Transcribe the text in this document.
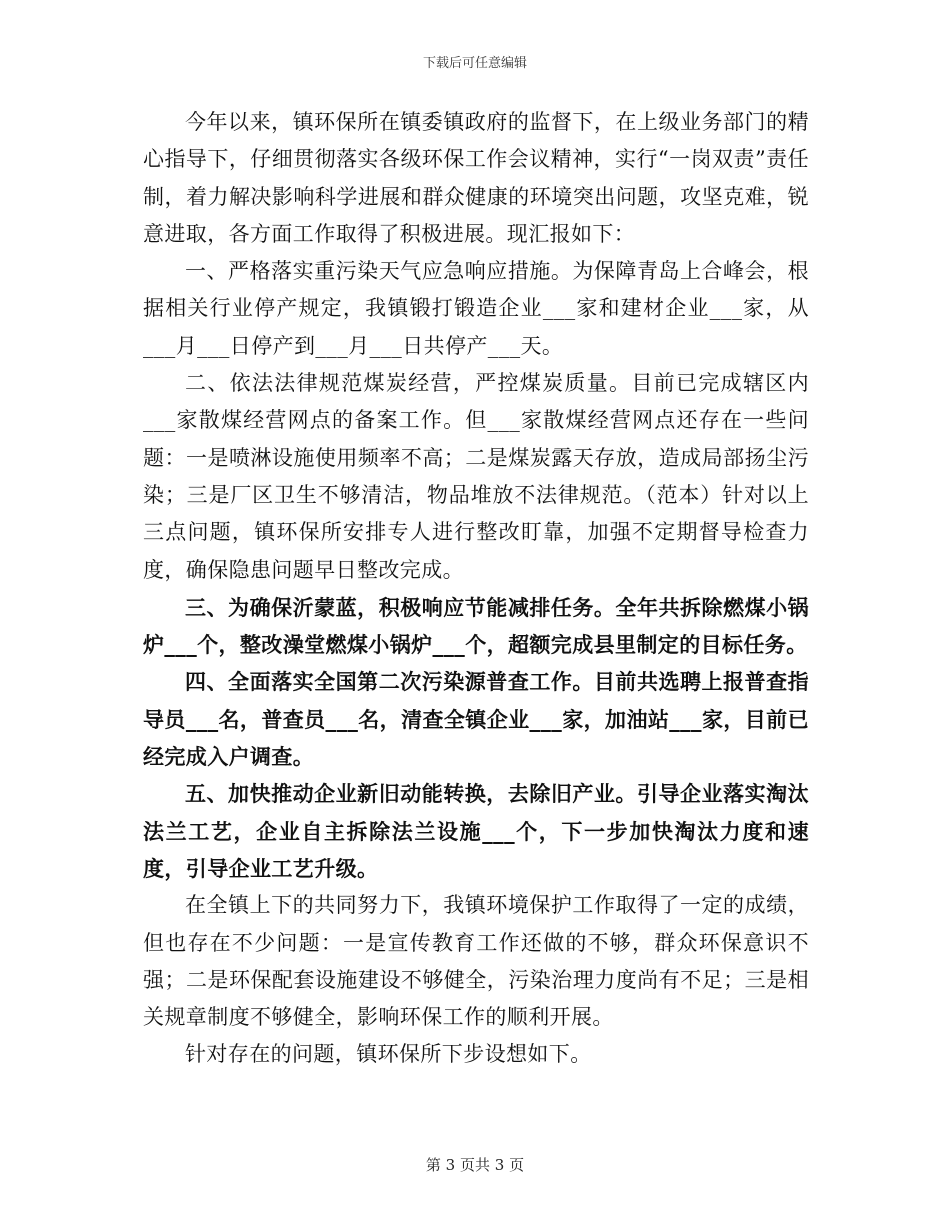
下载后可任意编辑

今年以来，镇环保所在镇委镇政府的监督下，在上级业务部门的精心指导下，仔细贯彻落实各级环保工作会议精神，实行“一岗双责”责任制，着力解决影响科学进展和群众健康的环境突出问题，攻坚克难，锐意进取，各方面工作取得了积极进展。现汇报如下：

一、严格落实重污染天气应急响应措施。为保障青岛上合峰会，根据相关行业停产规定，我镇锻打锻造企业___家和建材企业___家，从___月___日停产到___月___日共停产___天。

二、依法法律规范煤炭经营，严控煤炭质量。目前已完成辖区内___家散煤经营网点的备案工作。但___家散煤经营网点还存在一些问题：一是喷淋设施使用频率不高；二是煤炭露天存放，造成局部扬尘污染；三是厂区卫生不够清洁，物品堆放不法律规范。（范本）针对以上三点问题，镇环保所安排专人进行整改盯靠，加强不定期督导检查力度，确保隐患问题早日整改完成。

三、为确保沂蒙蓝，积极响应节能减排任务。全年共拆除燃煤小锅炉___个，整改澡堂燃煤小锅炉___个，超额完成县里制定的目标任务。

四、全面落实全国第二次污染源普查工作。目前共选聘上报普查指导员___名，普查员___名，清查全镇企业___家，加油站___家，目前已经完成入户调查。

五、加快推动企业新旧动能转换，去除旧产业。引导企业落实淘汰法兰工艺，企业自主拆除法兰设施___个，下一步加快淘汰力度和速度，引导企业工艺升级。

在全镇上下的共同努力下，我镇环境保护工作取得了一定的成绩，但也存在不少问题：一是宣传教育工作还做的不够，群众环保意识不强；二是环保配套设施建设不够健全，污染治理力度尚有不足；三是相关规章制度不够健全，影响环保工作的顺利开展。

针对存在的问题，镇环保所下步设想如下。

第 3 页共 3 页
